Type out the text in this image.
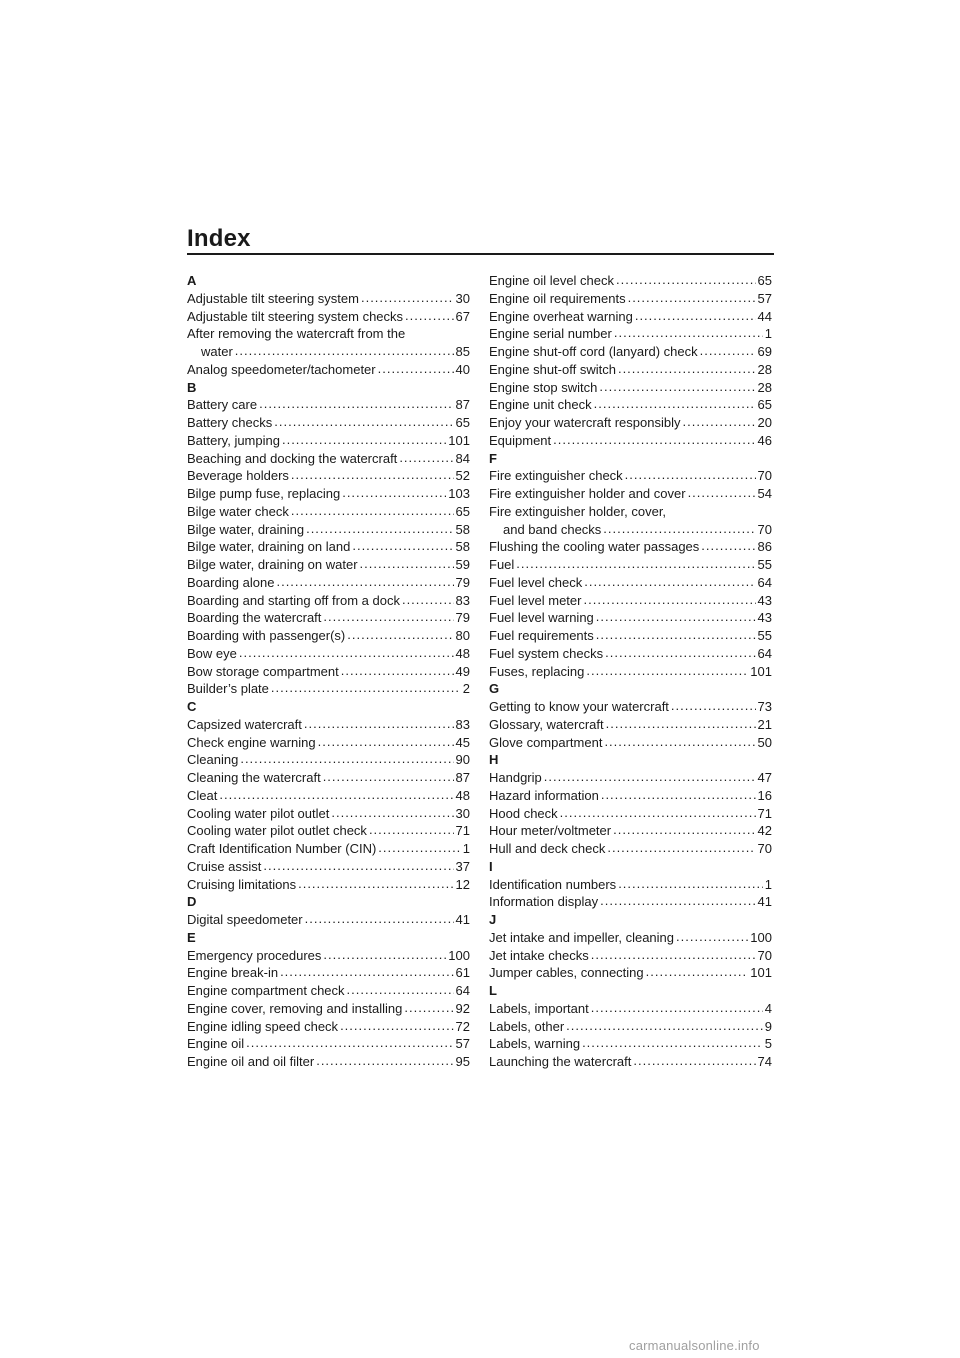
Index
A
Adjustable tilt steering system .....	30
Adjustable tilt steering system checks .....	67
After removing the watercraft from the
water .....	85
Analog speedometer/tachometer .....	40
B
Battery care .....	87
Battery checks .....	65
Battery, jumping .....	101
Beaching and docking the watercraft .....	84
Beverage holders .....	52
Bilge pump fuse, replacing .....	103
Bilge water check .....	65
Bilge water, draining .....	58
Bilge water, draining on land .....	58
Bilge water, draining on water .....	59
Boarding alone .....	79
Boarding and starting off from a dock .....	83
Boarding the watercraft .....	79
Boarding with passenger(s) .....	80
Bow eye .....	48
Bow storage compartment .....	49
Builder’s plate .....	2
C
Capsized watercraft .....	83
Check engine warning .....	45
Cleaning .....	90
Cleaning the watercraft .....	87
Cleat .....	48
Cooling water pilot outlet .....	30
Cooling water pilot outlet check .....	71
Craft Identification Number (CIN) .....	1
Cruise assist .....	37
Cruising limitations .....	12
D
Digital speedometer .....	41
E
Emergency procedures .....	100
Engine break-in .....	61
Engine compartment check .....	64
Engine cover, removing and installing .....	92
Engine idling speed check .....	72
Engine oil .....	57
Engine oil and oil filter .....	95
Engine oil level check .....	65
Engine oil requirements .....	57
Engine overheat warning .....	44
Engine serial number .....	1
Engine shut-off cord (lanyard) check .....	69
Engine shut-off switch .....	28
Engine stop switch .....	28
Engine unit check .....	65
Enjoy your watercraft responsibly .....	20
Equipment .....	46
F
Fire extinguisher check .....	70
Fire extinguisher holder and cover .....	54
Fire extinguisher holder, cover,
and band checks .....	70
Flushing the cooling water passages .....	86
Fuel .....	55
Fuel level check .....	64
Fuel level meter .....	43
Fuel level warning .....	43
Fuel requirements .....	55
Fuel system checks .....	64
Fuses, replacing .....	101
G
Getting to know your watercraft .....	73
Glossary, watercraft .....	21
Glove compartment .....	50
H
Handgrip .....	47
Hazard information .....	16
Hood check .....	71
Hour meter/voltmeter .....	42
Hull and deck check .....	70
I
Identification numbers .....	1
Information display .....	41
J
Jet intake and impeller, cleaning .....	100
Jet intake checks .....	70
Jumper cables, connecting .....	101
L
Labels, important .....	4
Labels, other .....	9
Labels, warning .....	5
Launching the watercraft .....	74

carmanualsonline.info
